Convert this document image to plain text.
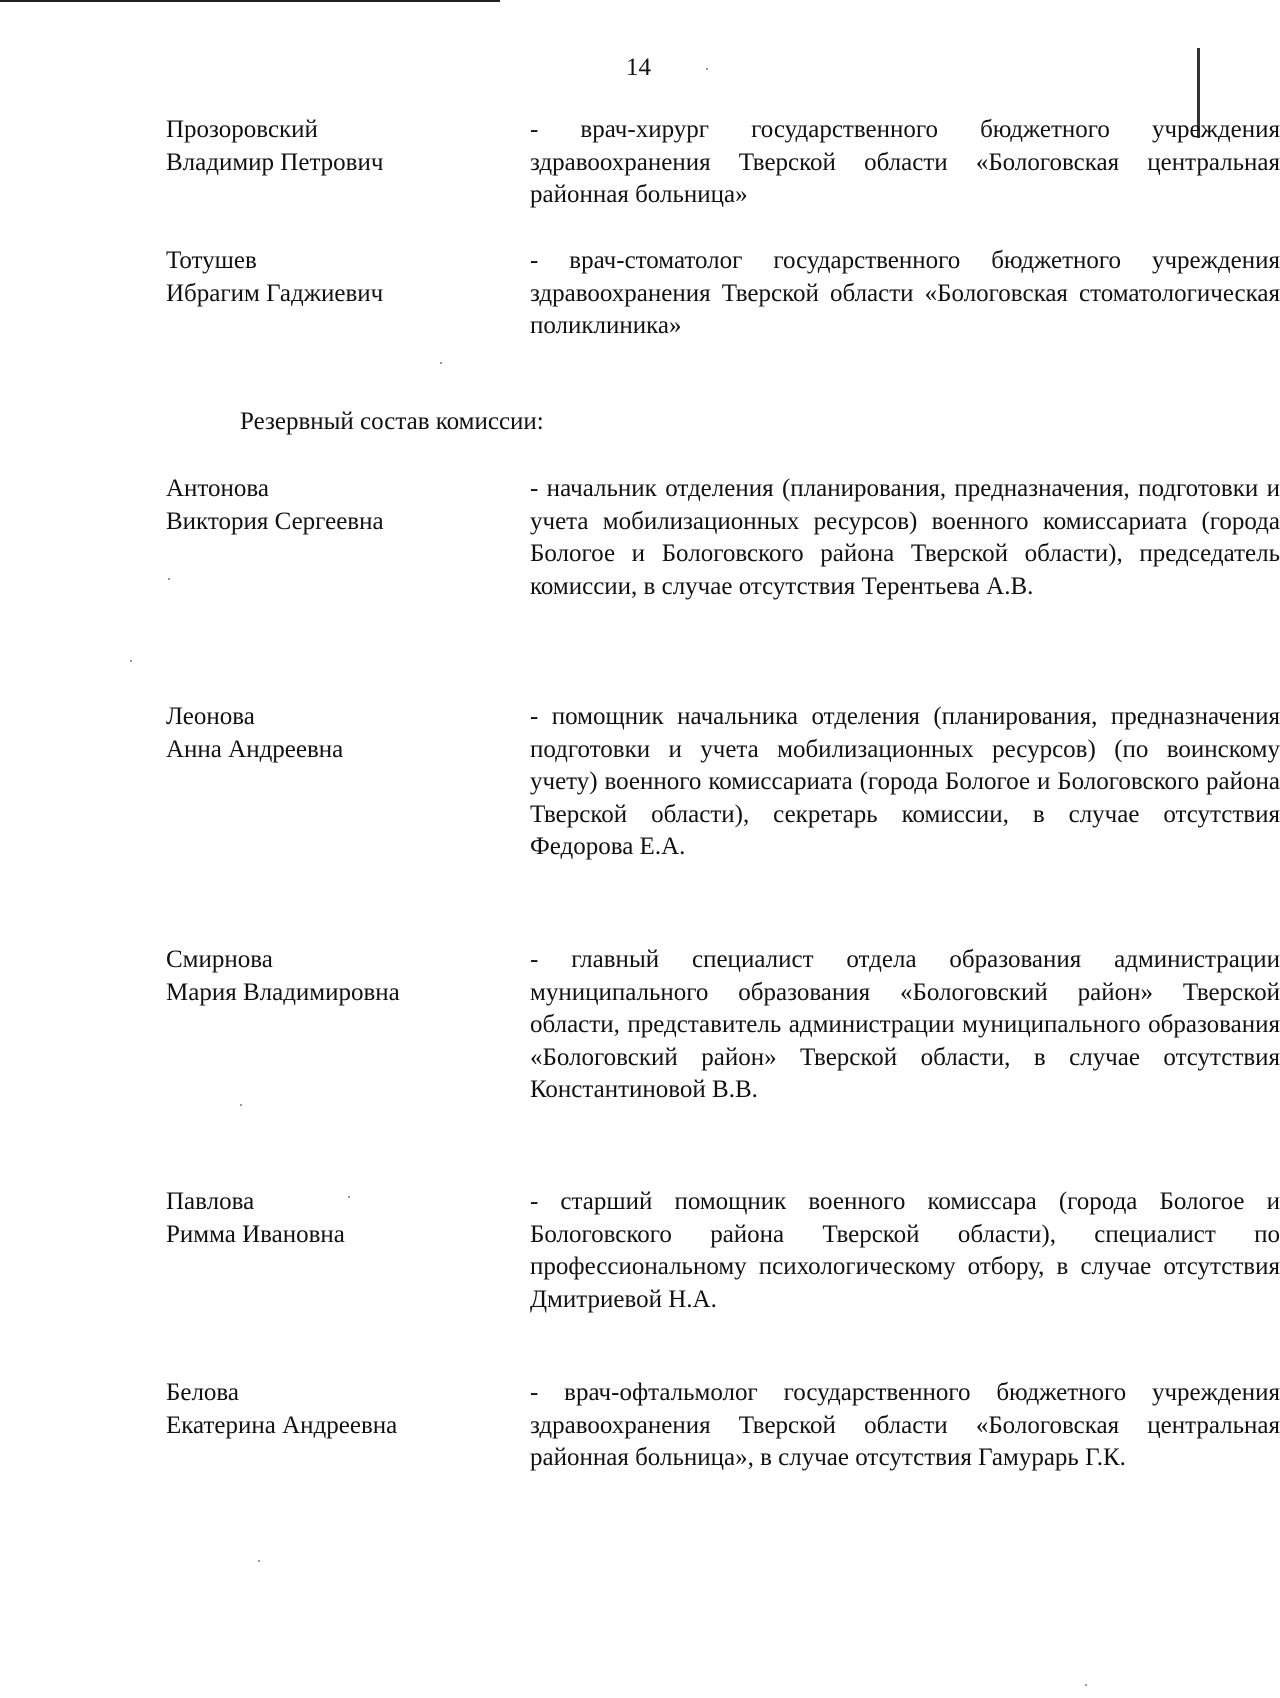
14
Прозоровский
Владимир Петрович
- врач-хирург государственного бюджетного учреждения здравоохранения Тверской области «Бологовская центральная районная больница»
Тотушев
Ибрагим Гаджиевич
- врач-стоматолог государственного бюджетного учреждения здравоохранения Тверской области «Бологовская стоматологическая поликлиника»
Резервный состав комиссии:
Антонова
Виктория Сергеевна
- начальник отделения (планирования, предназначения, подготовки и учета мобилизационных ресурсов) военного комиссариата (города Бологое и Бологовского района Тверской области), председатель комиссии, в случае отсутствия Терентьева А.В.
Леонова
Анна Андреевна
- помощник начальника отделения (планирования, предназначения подготовки и учета мобилизационных ресурсов) (по воинскому учету) военного комиссариата (города Бологое и Бологовского района Тверской области), секретарь комиссии, в случае отсутствия Федорова Е.А.
Смирнова
Мария Владимировна
- главный специалист отдела образования администрации муниципального образования «Бологовский район» Тверской области, представитель администрации муниципального образования «Бологовский район» Тверской области, в случае отсутствия Константиновой В.В.
Павлова
Римма Ивановна
- старший помощник военного комиссара (города Бологое и Бологовского района Тверской области), специалист по профессиональному психологическому отбору, в случае отсутствия Дмитриевой Н.А.
Белова
Екатерина Андреевна
- врач-офтальмолог государственного бюджетного учреждения здравоохранения Тверской области «Бологовская центральная районная больница», в случае отсутствия Гамурарь Г.К.
